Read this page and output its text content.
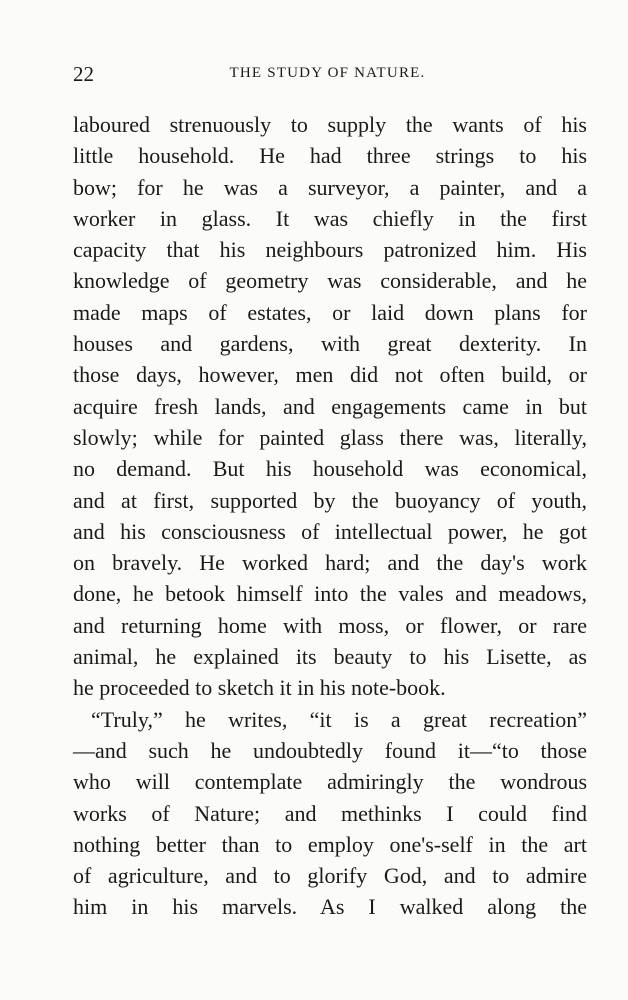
22	THE STUDY OF NATURE.
laboured strenuously to supply the wants of his
little household. He had three strings to his
bow; for he was a surveyor, a painter, and a
worker in glass. It was chiefly in the first
capacity that his neighbours patronized him. His
knowledge of geometry was considerable, and he
made maps of estates, or laid down plans for
houses and gardens, with great dexterity. In
those days, however, men did not often build, or
acquire fresh lands, and engagements came in but
slowly; while for painted glass there was, literally,
no demand. But his household was economical,
and at first, supported by the buoyancy of youth,
and his consciousness of intellectual power, he got
on bravely. He worked hard; and the day's work
done, he betook himself into the vales and meadows,
and returning home with moss, or flower, or rare
animal, he explained its beauty to his Lisette, as
he proceeded to sketch it in his note-book.
“Truly,” he writes, “it is a great recreation”
—and such he undoubtedly found it—“to those
who will contemplate admiringly the wondrous
works of Nature; and methinks I could find
nothing better than to employ one's-self in the art
of agriculture, and to glorify God, and to admire
him in his marvels. As I walked along the
